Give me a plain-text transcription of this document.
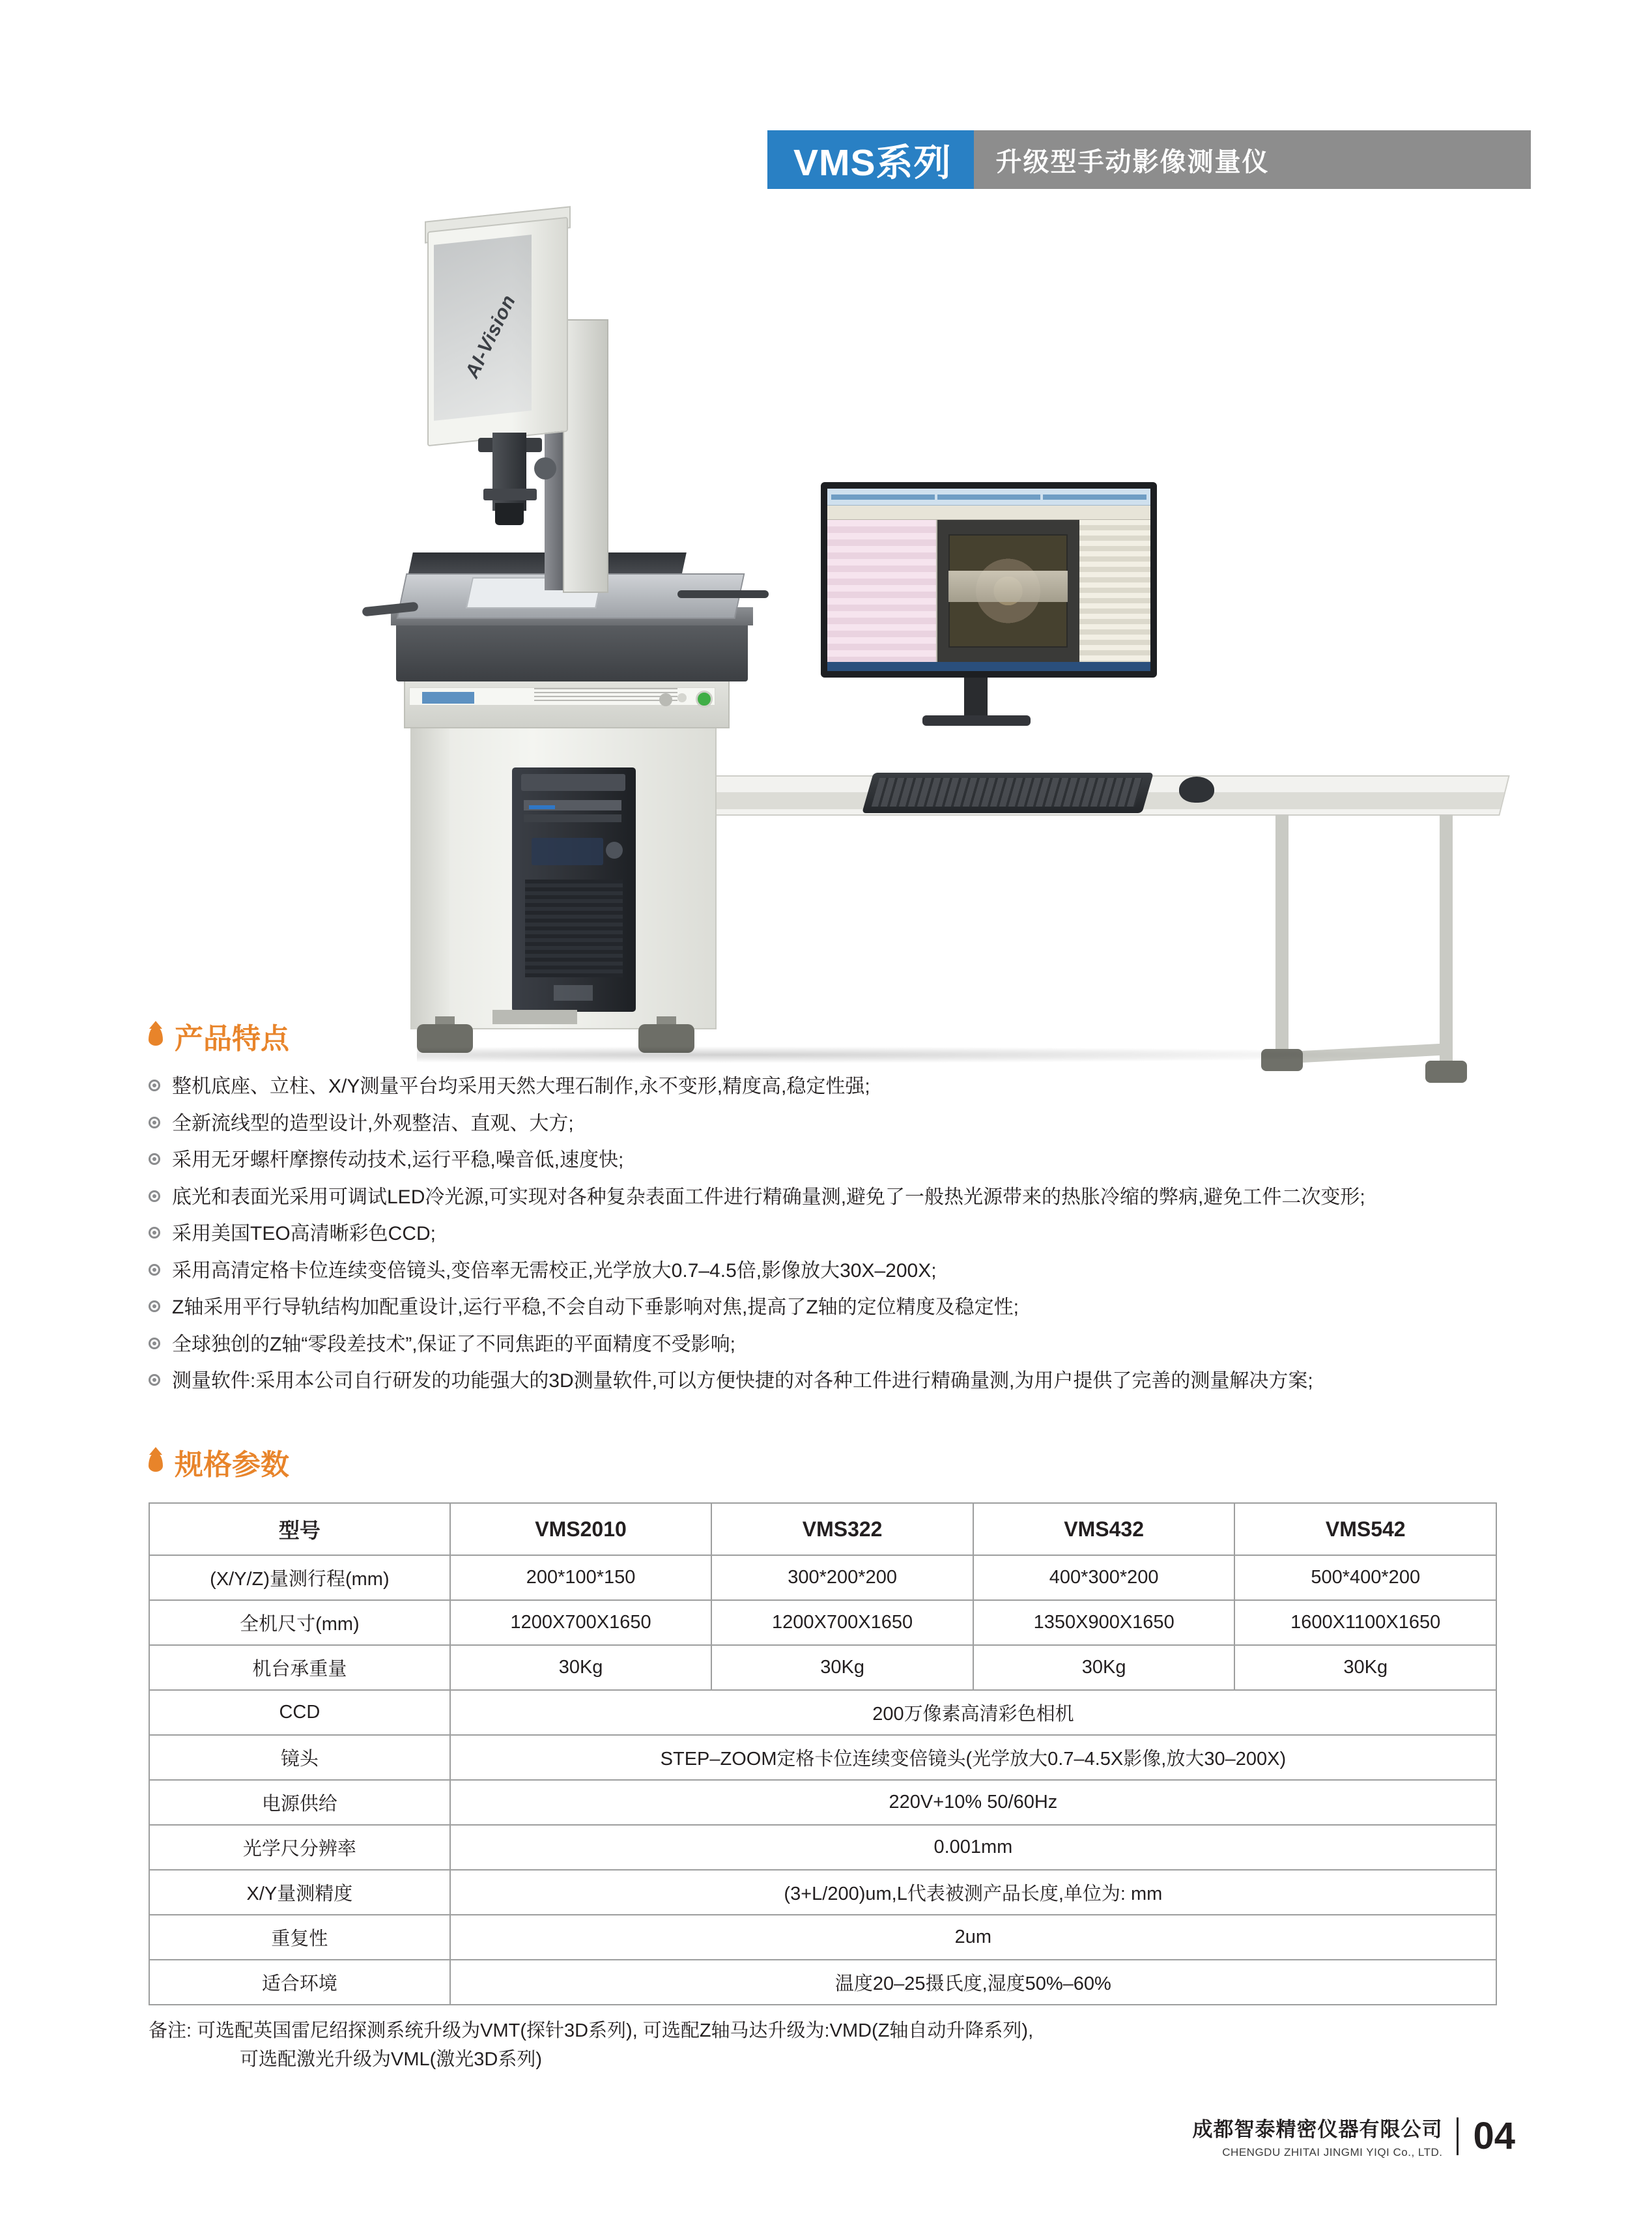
VMS系列	升级型手动影像测量仪
AI-Vision
产品特点
整机底座、立柱、X/Y测量平台均采用天然大理石制作,永不变形,精度高,稳定性强;
全新流线型的造型设计,外观整洁、直观、大方;
采用无牙螺杆摩擦传动技术,运行平稳,噪音低,速度快;
底光和表面光采用可调试LED冷光源,可实现对各种复杂表面工件进行精确量测,避免了一般热光源带来的热胀冷缩的弊病,避免工件二次变形;
采用美国TEO高清晰彩色CCD;
采用高清定格卡位连续变倍镜头,变倍率无需校正,光学放大0.7–4.5倍,影像放大30X–200X;
Z轴采用平行导轨结构加配重设计,运行平稳,不会自动下垂影响对焦,提高了Z轴的定位精度及稳定性;
全球独创的Z轴“零段差技术”,保证了不同焦距的平面精度不受影响;
测量软件:采用本公司自行研发的功能强大的3D测量软件,可以方便快捷的对各种工件进行精确量测,为用户提供了完善的测量解决方案;
规格参数
型号	VMS2010	VMS322	VMS432	VMS542
(X/Y/Z)量测行程(mm)	200*100*150	300*200*200	400*300*200	500*400*200
全机尺寸(mm)	1200X700X1650	1200X700X1650	1350X900X1650	1600X1100X1650
机台承重量	30Kg	30Kg	30Kg	30Kg
CCD	200万像素高清彩色相机			
镜头	STEP–ZOOM定格卡位连续变倍镜头(光学放大0.7–4.5X影像,放大30–200X)			
电源供给	220V+10% 50/60Hz			
光学尺分辨率	0.001mm			
X/Y量测精度	(3+L/200)um,L代表被测产品长度,单位为: mm			
重复性	2um			
适合环境	温度20–25摄氏度,湿度50%–60%			
备注: 可选配英国雷尼绍探测系统升级为VMT(探针3D系列), 可选配Z轴马达升级为:VMD(Z轴自动升降系列),
可选配激光升级为VML(激光3D系列)
成都智泰精密仪器有限公司
CHENGDU ZHITAI JINGMI YIQI Co., LTD. 04
